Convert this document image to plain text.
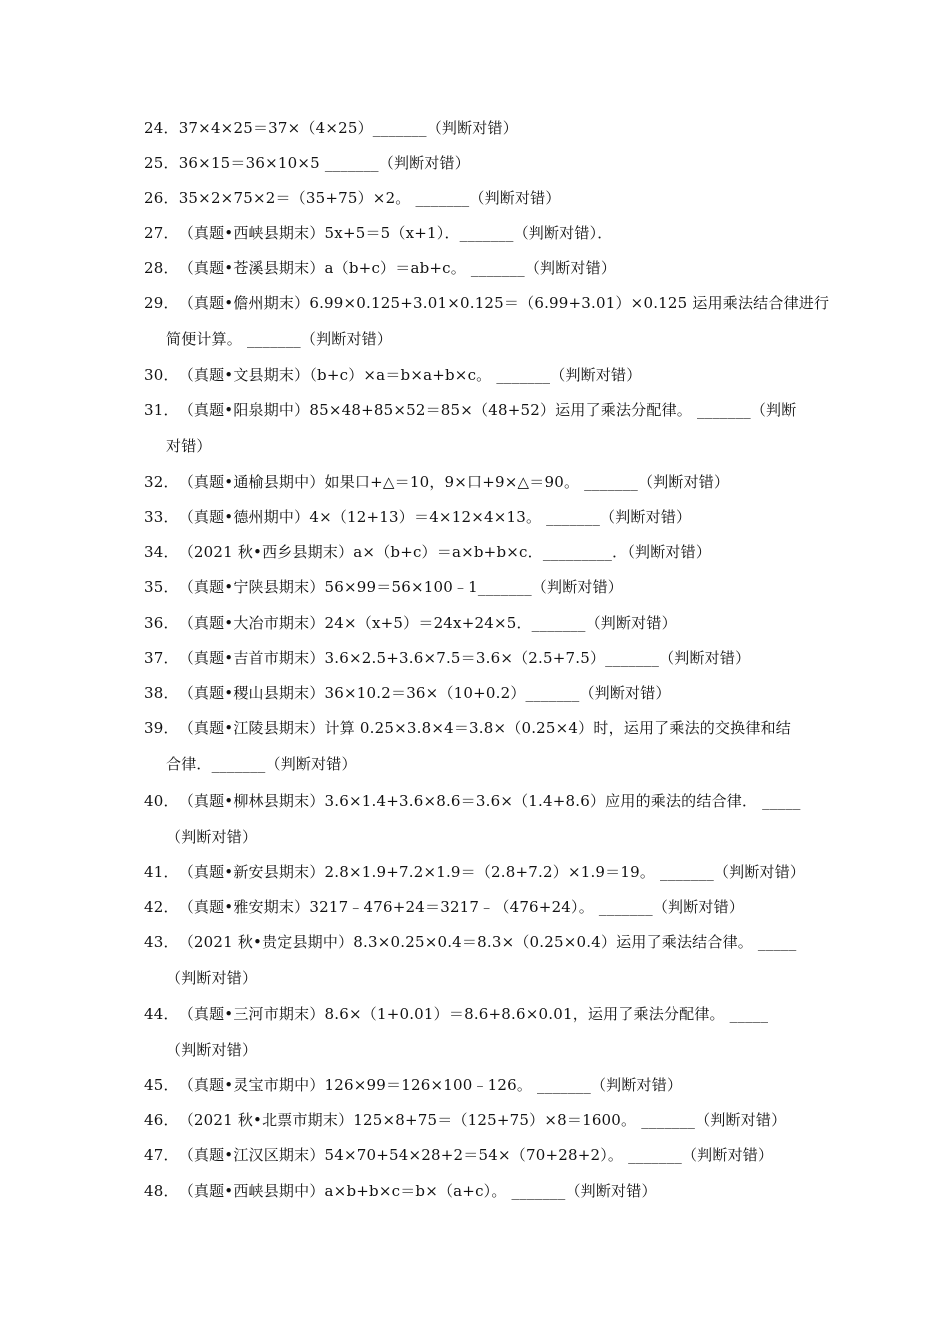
24．37×4×25＝37×（4×25）_______（判断对错）
25．36×15＝36×10×5 _______（判断对错）
26．35×2×75×2＝（35+75）×2。 _______（判断对错）
27．（真题•西峡县期末）5x+5＝5（x+1）．_______（判断对错）．
28．（真题•苍溪县期末）a（b+c）＝ab+c。 _______（判断对错）
29．（真题•儋州期末）6.99×0.125+3.01×0.125＝（6.99+3.01）×0.125 运用乘法结合律进行
简便计算。 _______（判断对错）
30．（真题•文县期末）（b+c）×a＝b×a+b×c。 _______（判断对错）
31．（真题•阳泉期中）85×48+85×52＝85×（48+52）运用了乘法分配律。 _______（判断
对错）
32．（真题•通榆县期中）如果口+△＝10，9×口+9×△＝90。 _______（判断对错）
33．（真题•德州期中）4×（12+13）＝4×12×4×13。 _______（判断对错）
34．（2021 秋•西乡县期末）a×（b+c）＝a×b+b×c．_________．（判断对错）
35．（真题•宁陕县期末）56×99＝56×100﹣1_______（判断对错）
36．（真题•大冶市期末）24×（x+5）＝24x+24×5．_______（判断对错）
37．（真题•吉首市期末）3.6×2.5+3.6×7.5＝3.6×（2.5+7.5）_______（判断对错）
38．（真题•稷山县期末）36×10.2＝36×（10+0.2）_______（判断对错）
39．（真题•江陵县期末）计算 0.25×3.8×4＝3.8×（0.25×4）时，运用了乘法的交换律和结
合律．_______（判断对错）
40．（真题•柳林县期末）3.6×1.4+3.6×8.6＝3.6×（1.4+8.6）应用的乘法的结合律． _____
（判断对错）
41．（真题•新安县期末）2.8×1.9+7.2×1.9＝（2.8+7.2）×1.9＝19。 _______（判断对错）
42．（真题•雅安期末）3217﹣476+24＝3217﹣（476+24）。 _______（判断对错）
43．（2021 秋•贵定县期中）8.3×0.25×0.4＝8.3×（0.25×0.4）运用了乘法结合律。 _____
（判断对错）
44．（真题•三河市期末）8.6×（1+0.01）＝8.6+8.6×0.01，运用了乘法分配律。 _____
（判断对错）
45．（真题•灵宝市期中）126×99＝126×100﹣126。 _______（判断对错）
46．（2021 秋•北票市期末）125×8+75＝（125+75）×8＝1600。 _______（判断对错）
47．（真题•江汉区期末）54×70+54×28+2＝54×（70+28+2）。 _______（判断对错）
48．（真题•西峡县期中）a×b+b×c＝b×（a+c）。 _______（判断对错）
